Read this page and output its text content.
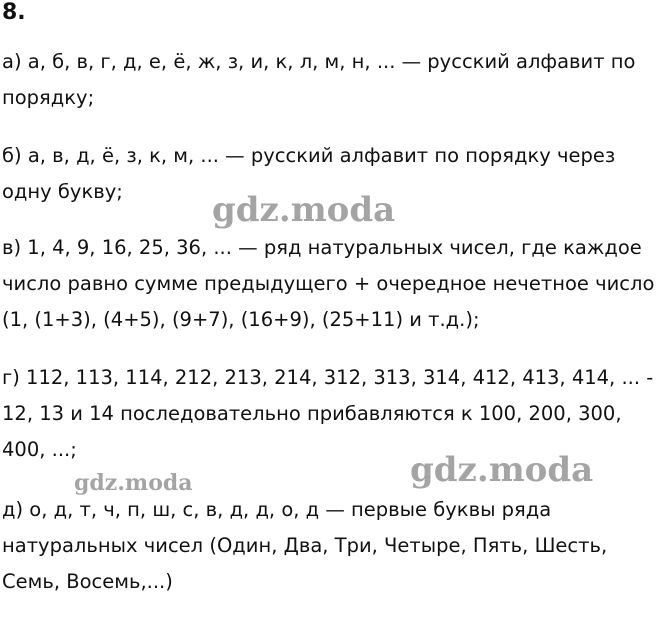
8.
а) а, б, в, г, д, е, ё, ж, з, и, к, л, м, н, ... — русский алфавит по
порядку;
б) а, в, д, ё, з, к, м, ... — русский алфавит по порядку через
одну букву;
в) 1, 4, 9, 16, 25, 36, ... — ряд натуральных чисел, где каждое
число равно сумме предыдущего + очередное нечетное число
(1, (1+3), (4+5), (9+7), (16+9), (25+11) и т.д.);
г) 112, 113, 114, 212, 213, 214, 312, 313, 314, 412, 413, 414, ... -
12, 13 и 14 последовательно прибавляются к 100, 200, 300,
400, ...;
д) о, д, т, ч, п, ш, с, в, д, д, о, д — первые буквы ряда
натуральных чисел (Один, Два, Три, Четыре, Пять, Шесть,
Семь, Восемь,...)
gdz.moda
gdz.moda
gdz.moda
